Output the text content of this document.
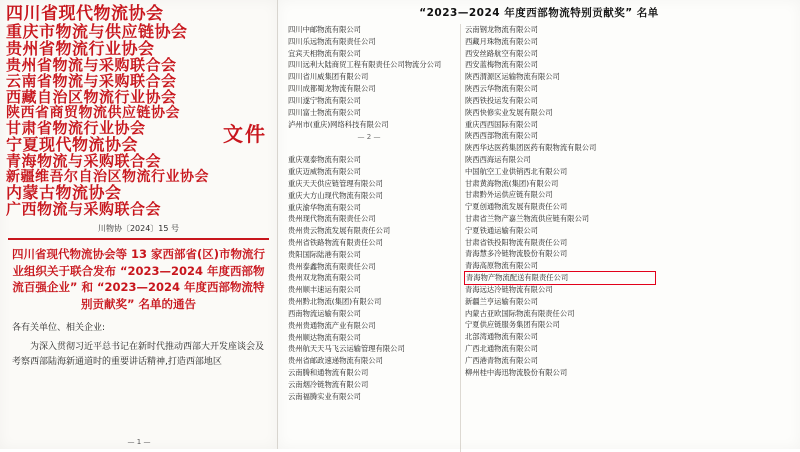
四川省现代物流协会
重庆市物流与供应链协会
贵州省物流行业协会
贵州省物流与采购联合会
云南省物流与采购联合会
西藏自治区物流行业协会
陕西省商贸物流供应链协会
甘肃省物流行业协会
宁夏现代物流协会
青海物流与采购联合会
新疆维吾尔自治区物流行业协会
内蒙古物流协会
广西物流与采购联合会
文件
川物协〔2024〕15 号
四川省现代物流协会等 13 家西部省(区)市物流行业组织关于联合发布 “2023—2024 年度西部物流百强企业” 和 “2023—2024 年度西部物流特别贡献奖” 名单的通告

各有关单位、相关企业:

为深入贯彻习近平总书记在新时代推动西部大开发座谈会及考察西部陆海新通道时的重要讲话精神,打造西部地区

— 1 —
“2023—2024 年度西部物流特别贡献奖” 名单
四川中邮物流有限公司
四川乐远物流有限责任公司
宜宾天相物流有限公司
四川远利大陆商贸工程有限责任公司物流分公司
四川省川威集团有限公司
四川成都蜀龙物流有限公司
四川遂宁物流有限公司
四川富士物流有限公司
泸州市(重庆)网络科技有限公司
— 2 —
重庆观泰物流有限公司
重庆迈威物流有限公司
重庆天天供应链管理有限公司
重庆大方山现代物流有限公司
重庆渝华物流有限公司
贵州现代物流有限责任公司
贵州贵云物流发展有限责任公司
贵州省铁路物流有限责任公司
贵阳国际陆港有限公司
贵州泰鑫物流有限责任公司
贵州双龙物流有限公司
贵州顺丰速运有限公司
贵州黔北物流(集团)有限公司
西南物流运输有限公司
贵州贵通物流产业有限公司
贵州顺达物流有限公司
贵州航天天马飞云运输管理有限公司
贵州省邮政速递物流有限公司
云南腾和通物流有限公司
云南烟冷链物流有限公司
云南福腾实业有限公司
云南钢龙物流有限公司
西藏月珠物流有限公司
西安丝路航空有限公司
西安蓝梅物流有限公司
陕西渭源区运输物流有限公司
陕西云华物流有限公司
陕西铁投运发有限公司
陕西快修实业发展有限公司
重庆西西国际有限公司
陕西西部物流有限公司
陕西华达医药集团医药有限物流有限公司
陕西西海运有限公司
中国航空工业供销西北有限公司
甘肃黄海物流(集团)有限公司
甘肃黔外运供应链有限公司
宁夏创通物流发展有限责任公司
甘肃省兰物产嘉兰物流供应链有限公司
宁夏铁通运输有限公司
甘肃省铁投阳物流有限责任公司
青海慧多冷链物流股份有限公司
青海高原物流有限公司
青海物产物流配送有限责任公司
青海远达冷链物流有限公司
新疆兰亨运输有限公司
内蒙古亚欧国际物流有限责任公司
宁夏供应链服务集团有限公司
北部湾通物流有限公司
广西北通物流有限公司
广西港青物流有限公司
柳州桂中海迅物流股份有限公司
